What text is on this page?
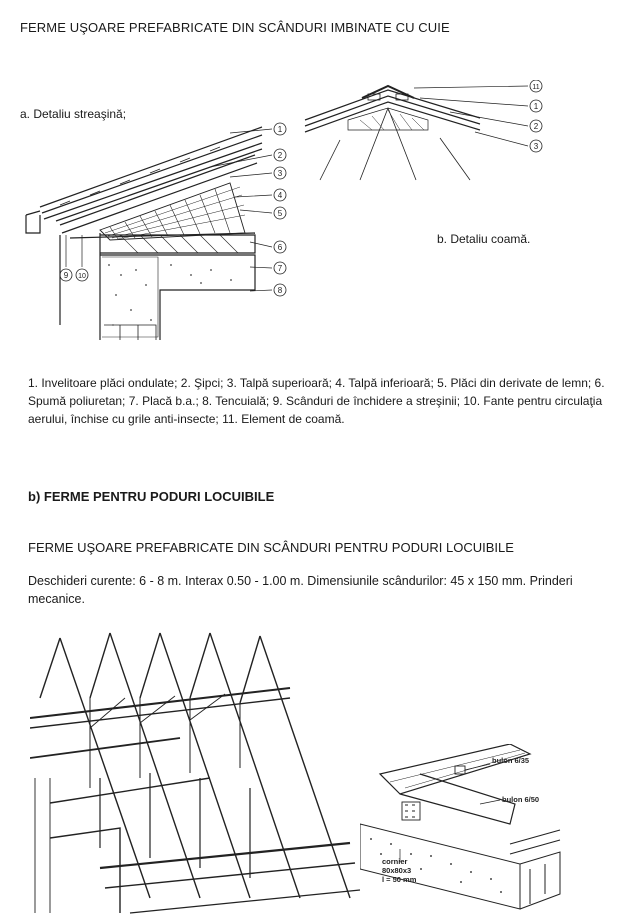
FERME UŞOARE PREFABRICATE DIN SCÂNDURI IMBINATE CU CUIE
a. Detaliu streaşină;
1
2
3
4
5
6
7
8
9 10
11
1
2
3
b. Detaliu coamă.
1. Invelitoare plăci ondulate; 2. Şipci; 3. Talpă superioară; 4. Talpă inferioară; 5. Plăci din derivate de lemn; 6. Spumă poliuretan; 7. Placă b.a.; 8. Tencuială; 9. Scânduri de închidere a streşinii; 10. Fante pentru circulaţia aerului, închise cu grile anti-insecte; 11. Element de coamă.
b) FERME PENTRU PODURI LOCUIBILE
FERME UŞOARE PREFABRICATE DIN SCÂNDURI PENTRU PODURI LOCUIBILE
Deschideri curente: 6 - 8 m. Interax 0.50 - 1.00 m. Dimensiunile scândurilor: 45 x 150 mm. Prinderi mecanice.
bulon 6/35
bulon 6/50
cornier
80x80x3
l = 50 mm
